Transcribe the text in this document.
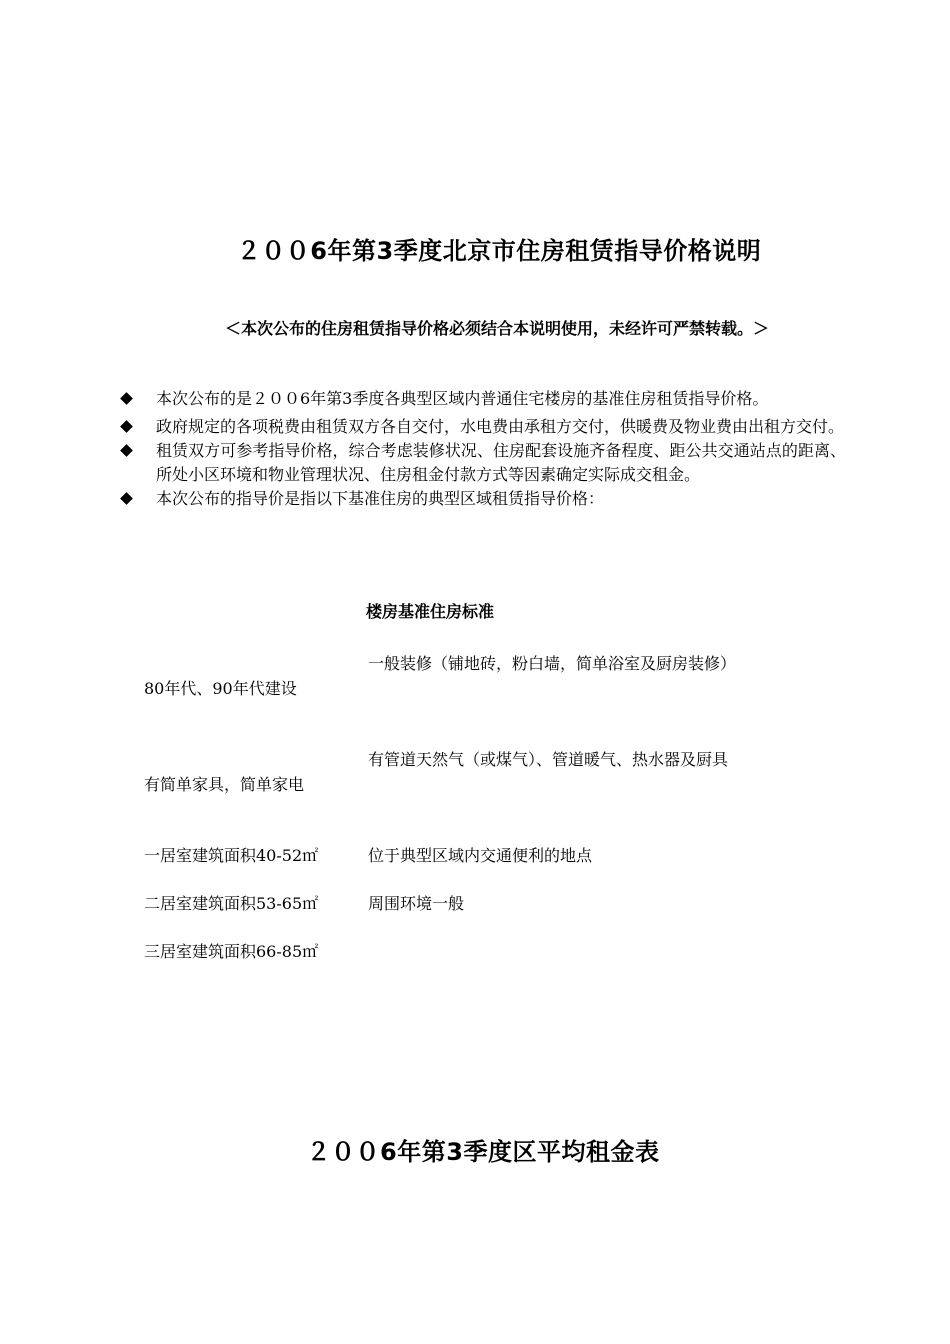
２００6年第3季度北京市住房租赁指导价格说明
＜本次公布的住房租赁指导价格必须结合本说明使用，未经许可严禁转载。＞
本次公布的是２００6年第3季度各典型区域内普通住宅楼房的基准住房租赁指导价格。
政府规定的各项税费由租赁双方各自交付，水电费由承租方交付，供暖费及物业费由出租方交付。
租赁双方可参考指导价格，综合考虑装修状况、住房配套设施齐备程度、距公共交通站点的距离、所处小区环境和物业管理状况、住房租金付款方式等因素确定实际成交租金。
本次公布的指导价是指以下基准住房的典型区域租赁指导价格：
楼房基准住房标准
80年代、90年代建设
有简单家具，简单家电
一居室建筑面积40-52㎡
二居室建筑面积53-65㎡
三居室建筑面积66-85㎡
一般装修（铺地砖，粉白墙，简单浴室及厨房装修）
有管道天然气（或煤气）、管道暖气、热水器及厨具
位于典型区域内交通便利的地点
周围环境一般
２００6年第3季度区平均租金表
